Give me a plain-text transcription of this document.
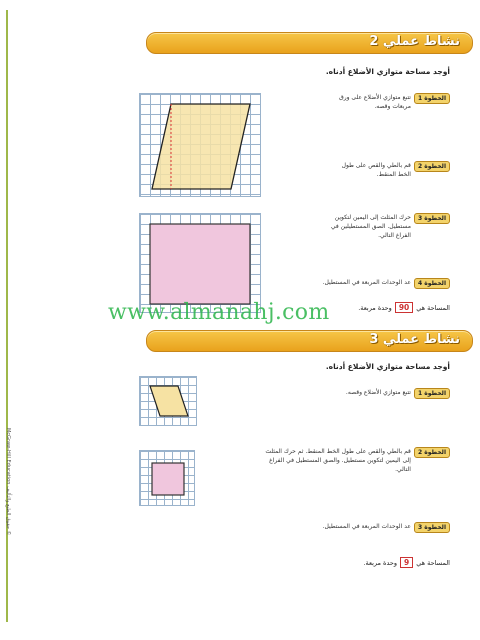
نشاط عملي 2
أوجد مساحة متوازي الأضلاع أدناه.
الخطوة 1
تتبع متوازي الأضلاع على ورق مربعات وقصه.
الخطوة 2
قم بالطي والقص على طول الخط المنقط.
الخطوة 3
حرك المثلث إلى اليمين لتكوين مستطيل. الصق المستطيلين في الفراغ التالي.
الخطوة 4
عد الوحدات المربعة في المستطيل.
المساحة هي
90
وحدة مربعة.
نشاط عملي 3
أوجد مساحة متوازي الأضلاع أدناه.
الخطوة 1
تتبع متوازي الأضلاع وقصه.
الخطوة 2
قم بالطي والقص على طول الخط المنقط. ثم حرك المثلث إلى اليمين لتكوين مستطيل. والصق المستطيل في الفراغ التالي.
الخطوة 3
عد الوحدات المربعة في المستطيل.
المساحة هي
9
وحدة مربعة.
McGraw-Hill Education حقوق الطبع والتأليف ©
www.almanahj.com
